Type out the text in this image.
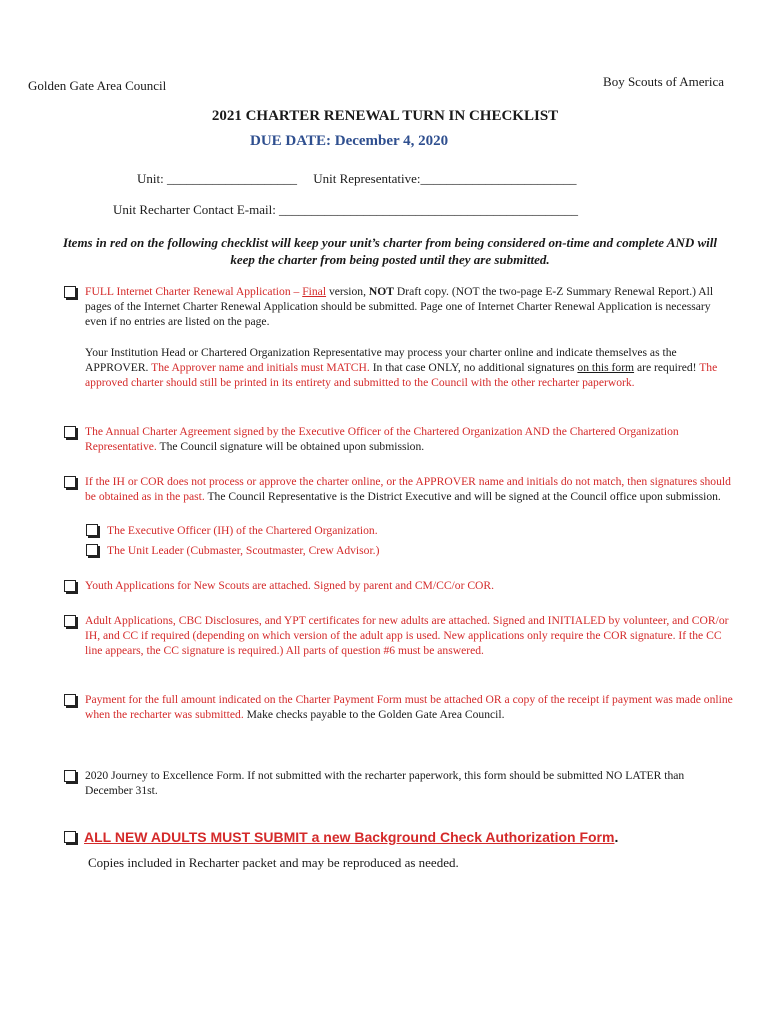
Golden Gate Area Council	Boy Scouts of America
2021 CHARTER RENEWAL TURN IN CHECKLIST
DUE DATE: December 4, 2020
Unit: ____________________ Unit Representative:________________________
Unit Recharter Contact E-mail: ______________________________________________
Items in red on the following checklist will keep your unit’s charter from being considered on-time and complete AND will keep the charter from being posted until they are submitted.
FULL Internet Charter Renewal Application – Final version, NOT Draft copy. (NOT the two-page E-Z Summary Renewal Report.) All pages of the Internet Charter Renewal Application should be submitted. Page one of Internet Charter Renewal Application is necessary even if no entries are listed on the page.
Your Institution Head or Chartered Organization Representative may process your charter online and indicate themselves as the APPROVER. The Approver name and initials must MATCH. In that case ONLY, no additional signatures on this form are required! The approved charter should still be printed in its entirety and submitted to the Council with the other recharter paperwork.
The Annual Charter Agreement signed by the Executive Officer of the Chartered Organization AND the Chartered Organization Representative. The Council signature will be obtained upon submission.
If the IH or COR does not process or approve the charter online, or the APPROVER name and initials do not match, then signatures should be obtained as in the past. The Council Representative is the District Executive and will be signed at the Council office upon submission.
The Executive Officer (IH) of the Chartered Organization.
The Unit Leader (Cubmaster, Scoutmaster, Crew Advisor.)
Youth Applications for New Scouts are attached. Signed by parent and CM/CC/or COR.
Adult Applications, CBC Disclosures, and YPT certificates for new adults are attached. Signed and INITIALED by volunteer, and COR/or IH, and CC if required (depending on which version of the adult app is used. New applications only require the COR signature. If the CC line appears, the CC signature is required.) All parts of question #6 must be answered.
Payment for the full amount indicated on the Charter Payment Form must be attached OR a copy of the receipt if payment was made online when the recharter was submitted. Make checks payable to the Golden Gate Area Council.
2020 Journey to Excellence Form. If not submitted with the recharter paperwork, this form should be submitted NO LATER than December 31st.
ALL NEW ADULTS MUST SUBMIT a new Background Check Authorization Form.
Copies included in Recharter packet and may be reproduced as needed.
